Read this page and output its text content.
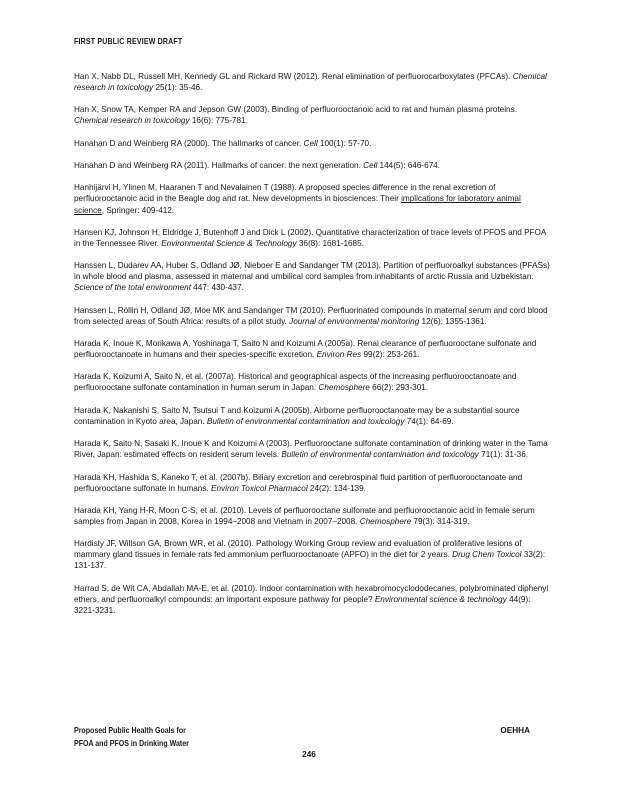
FIRST PUBLIC REVIEW DRAFT

Han X, Nabb DL, Russell MH, Kennedy GL and Rickard RW (2012). Renal elimination of perfluorocarboxylates (PFCAs). Chemical research in toxicology 25(1): 35-46.

Han X, Snow TA, Kemper RA and Jepson GW (2003). Binding of perfluorooctanoic acid to rat and human plasma proteins. Chemical research in toxicology 16(6): 775-781.

Hanahan D and Weinberg RA (2000). The hallmarks of cancer. Cell 100(1): 57-70.

Hanahan D and Weinberg RA (2011). Hallmarks of cancer: the next generation. Cell 144(5): 646-674.

Hanhijärvi H, Ylinen M, Haaranen T and Nevalainen T (1988). A proposed species difference in the renal excretion of perfluorooctanoic acid in the Beagle dog and rat. New developments in biosciences: Their implications for laboratory animal science, Springer: 409-412.

Hansen KJ, Johnson H, Eldridge J, Butenhoff J and Dick L (2002). Quantitative characterization of trace levels of PFOS and PFOA in the Tennessee River. Environmental Science & Technology 36(8): 1681-1685.

Hanssen L, Dudarev AA, Huber S, Odland JØ, Nieboer E and Sandanger TM (2013). Partition of perfluoroalkyl substances (PFASs) in whole blood and plasma, assessed in maternal and umbilical cord samples from inhabitants of arctic Russia and Uzbekistan. Science of the total environment 447: 430-437.

Hanssen L, Röllin H, Odland JØ, Moe MK and Sandanger TM (2010). Perfluorinated compounds in maternal serum and cord blood from selected areas of South Africa: results of a pilot study. Journal of environmental monitoring 12(6): 1355-1361.

Harada K, Inoue K, Morikawa A, Yoshinaga T, Saito N and Koizumi A (2005a). Renal clearance of perfluorooctane sulfonate and perfluorooctanoate in humans and their species-specific excretion. Environ Res 99(2): 253-261.

Harada K, Koizumi A, Saito N, et al. (2007a). Historical and geographical aspects of the increasing perfluorooctanoate and perfluorooctane sulfonate contamination in human serum in Japan. Chemosphere 66(2): 293-301.

Harada K, Nakanishi S, Saito N, Tsutsui T and Koizumi A (2005b). Airborne perfluorooctanoate may be a substantial source contamination in Kyoto area, Japan. Bulletin of environmental contamination and toxicology 74(1): 64-69.

Harada K, Saito N, Sasaki K, Inoue K and Koizumi A (2003). Perfluorooctane sulfonate contamination of drinking water in the Tama River, Japan: estimated effects on resident serum levels. Bulletin of environmental contamination and toxicology 71(1): 31-36.

Harada KH, Hashida S, Kaneko T, et al. (2007b). Biliary excretion and cerebrospinal fluid partition of perfluorooctanoate and perfluorooctane sulfonate in humans. Environ Toxicol Pharmacol 24(2): 134-139.

Harada KH, Yang H-R, Moon C-S, et al. (2010). Levels of perfluorooctane sulfonate and perfluorooctanoic acid in female serum samples from Japan in 2008, Korea in 1994–2008 and Vietnam in 2007–2008. Chemosphere 79(3): 314-319.

Hardisty JF, Willson GA, Brown WR, et al. (2010). Pathology Working Group review and evaluation of proliferative lesions of mammary gland tissues in female rats fed ammonium perfluorooctanoate (APFO) in the diet for 2 years. Drug Chem Toxicol 33(2): 131-137.

Harrad S, de Wit CA, Abdallah MA-E, et al. (2010). Indoor contamination with hexabromocyclododecanes, polybrominated diphenyl ethers, and perfluoroalkyl compounds: an important exposure pathway for people? Environmental science & technology 44(9): 3221-3231.

Proposed Public Health Goals for
PFOA and PFOS in Drinking Water
OEHHA
246
